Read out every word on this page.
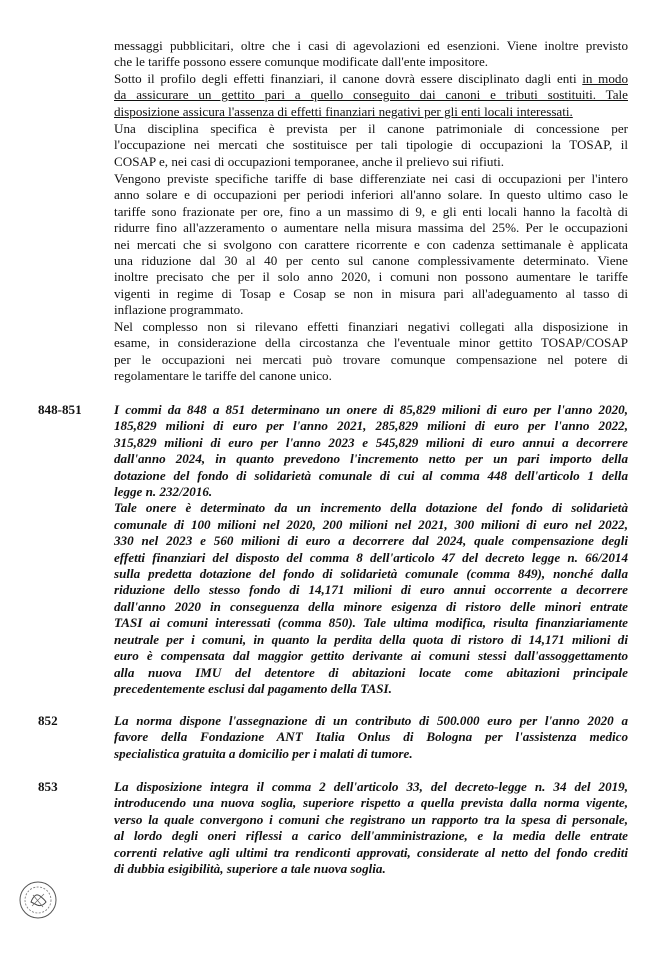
messaggi pubblicitari, oltre che i casi di agevolazioni ed esenzioni. Viene inoltre previsto
che le tariffe possono essere comunque modificate dall'ente impositore.
Sotto il profilo degli effetti finanziari, il canone dovrà essere disciplinato dagli enti in modo
da assicurare un gettito pari a quello conseguito dai canoni e tributi sostituiti. Tale
disposizione assicura l'assenza di effetti finanziari negativi per gli enti locali interessati.
Una disciplina specifica è prevista per il canone patrimoniale di concessione per
l'occupazione nei mercati che sostituisce per tali tipologie di occupazioni la TOSAP, il
COSAP e, nei casi di occupazioni temporanee, anche il prelievo sui rifiuti.
Vengono previste specifiche tariffe di base differenziate nei casi di occupazioni per l'intero
anno solare e di occupazioni per periodi inferiori all'anno solare. In questo ultimo caso le
tariffe sono frazionate per ore, fino a un massimo di 9, e gli enti locali hanno la facoltà di
ridurre fino all'azzeramento o aumentare nella misura massima del 25%. Per le occupazioni
nei mercati che si svolgono con carattere ricorrente e con cadenza settimanale è applicata
una riduzione dal 30 al 40 per cento sul canone complessivamente determinato. Viene
inoltre precisato che per il solo anno 2020, i comuni non possono aumentare le tariffe
vigenti in regime di Tosap e Cosap se non in misura pari all'adeguamento al tasso di
inflazione programmato.
Nel complesso non si rilevano effetti finanziari negativi collegati alla disposizione in
esame, in considerazione della circostanza che l'eventuale minor gettito TOSAP/COSAP
per le occupazioni nei mercati può trovare comunque compensazione nel potere di
regolamentare le tariffe del canone unico.
848-851 I commi da 848 a 851 determinano un onere di 85,829 milioni di euro per l'anno 2020,
185,829 milioni di euro per l'anno 2021, 285,829 milioni di euro per l'anno 2022,
315,829 milioni di euro per l'anno 2023 e 545,829 milioni di euro annui a decorrere
dall'anno 2024, in quanto prevedono l'incremento netto per un pari importo della
dotazione del fondo di solidarietà comunale di cui al comma 448 dell'articolo 1 della
legge n. 232/2016.
Tale onere è determinato da un incremento della dotazione del fondo di solidarietà
comunale di 100 milioni nel 2020, 200 milioni nel 2021, 300 milioni di euro nel 2022,
330 nel 2023 e 560 milioni di euro a decorrere dal 2024, quale compensazione degli
effetti finanziari del disposto del comma 8 dell'articolo 47 del decreto legge n. 66/2014
sulla predetta dotazione del fondo di solidarietà comunale (comma 849), nonché dalla
riduzione dello stesso fondo di 14,171 milioni di euro annui occorrente a decorrere
dall'anno 2020 in conseguenza della minore esigenza di ristoro delle minori entrate
TASI ai comuni interessati (comma 850). Tale ultima modifica, risulta finanziariamente
neutrale per i comuni, in quanto la perdita della quota di ristoro di 14,171 milioni di
euro è compensata dal maggior gettito derivante ai comuni stessi dall'assoggettamento
alla nuova IMU del detentore di abitazioni locate come abitazioni principale
precedentemente esclusi dal pagamento della TASI.
852	La norma dispone l'assegnazione di un contributo di 500.000 euro per l'anno 2020 a
favore della Fondazione ANT Italia Onlus di Bologna per l'assistenza medico
specialistica gratuita a domicilio per i malati di tumore.
853	La disposizione integra il comma 2 dell'articolo 33, del decreto-legge n. 34 del 2019,
introducendo una nuova soglia, superiore rispetto a quella prevista dalla norma vigente,
verso la quale convergono i comuni che registrano un rapporto tra la spesa di personale,
al lordo degli oneri riflessi a carico dell'amministrazione, e la media delle entrate
correnti relative agli ultimi tra rendiconti approvati, considerate al netto del fondo crediti
di dubbia esigibilità, superiore a tale nuova soglia.
